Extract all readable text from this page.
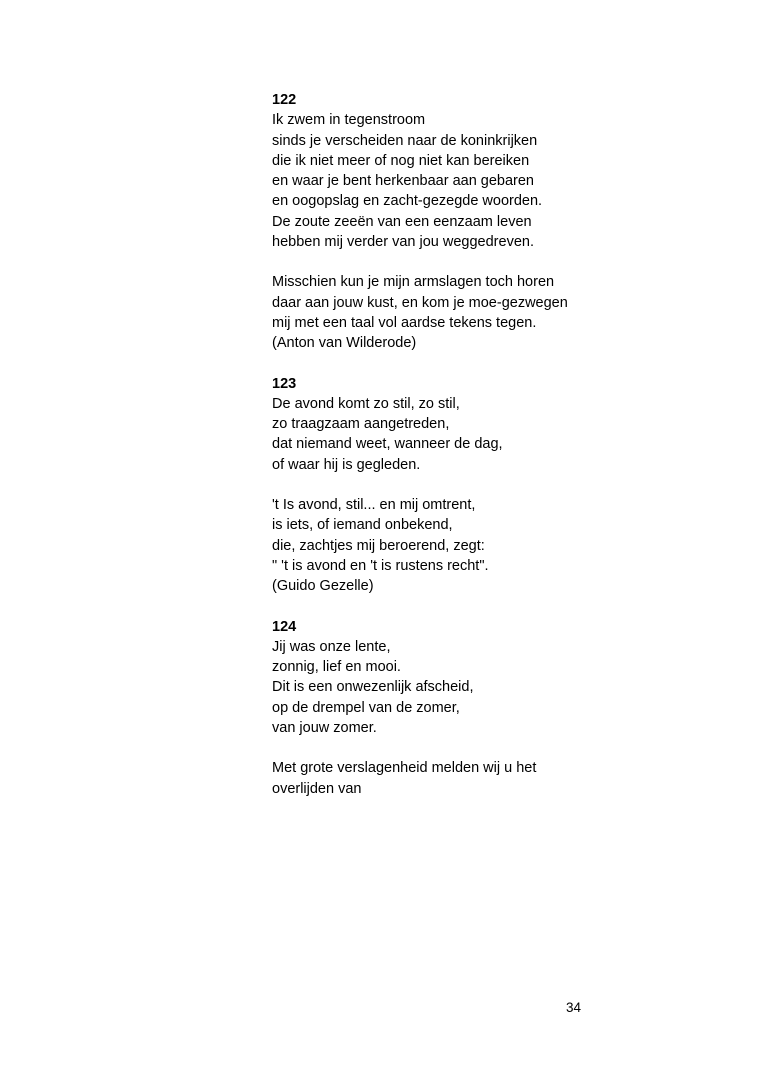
122
Ik zwem in tegenstroom
sinds je verscheiden naar de koninkrijken
die ik niet meer of nog niet kan bereiken
en waar je bent herkenbaar aan gebaren
en oogopslag en zacht-gezegde woorden.
De zoute zeeën van een eenzaam leven
hebben mij verder van jou weggedreven.
Misschien kun je mijn armslagen toch horen
daar aan jouw kust, en kom je moe-gezwegen
mij met een taal vol aardse tekens tegen.
(Anton van Wilderode)
123
De avond komt zo stil, zo stil,
zo traagzaam aangetreden,
dat niemand weet, wanneer de dag,
of waar hij is gegleden.
't Is avond, stil... en mij omtrent,
is iets, of iemand onbekend,
die, zachtjes mij beroerend, zegt:
" 't is avond en 't is rustens recht".
(Guido Gezelle)
124
Jij was onze lente,
zonnig, lief en mooi.
Dit is een onwezenlijk afscheid,
op de drempel van de zomer,
van jouw zomer.
Met grote verslagenheid melden wij u het
overlijden van
34
